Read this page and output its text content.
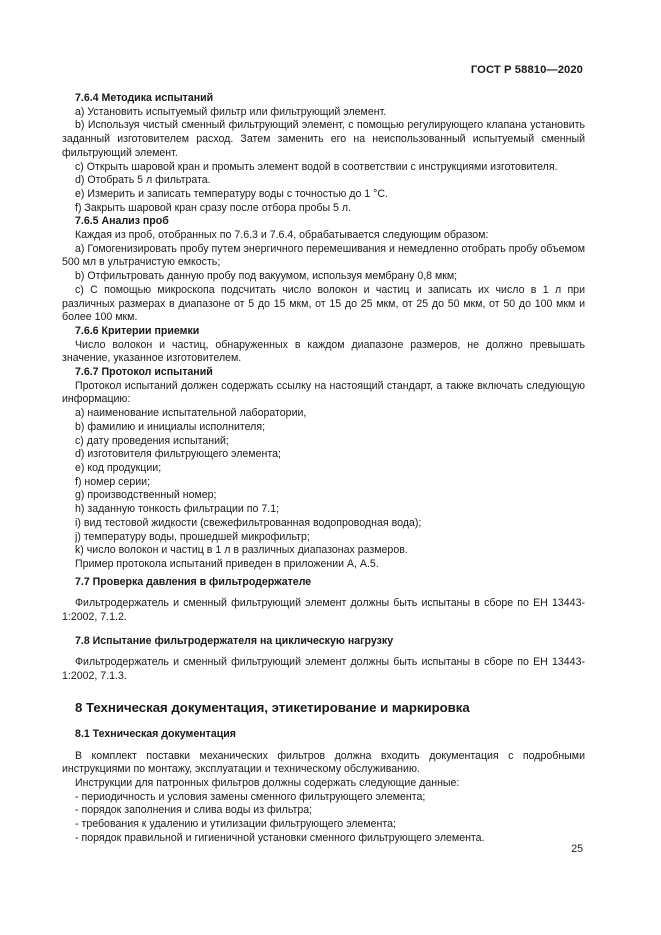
ГОСТ Р 58810—2020

7.6.4 Методика испытаний

a) Установить испытуемый фильтр или фильтрующий элемент.

b) Используя чистый сменный фильтрующий элемент, с помощью регулирующего клапана установить заданный изготовителем расход. Затем заменить его на неиспользованный испытуемый сменный фильтрующий элемент.

c) Открыть шаровой кран и промыть элемент водой в соответствии с инструкциями изготовителя.

d) Отобрать 5 л фильтрата.

e) Измерить и записать температуру воды с точностью до 1 °C.

f) Закрыть шаровой кран сразу после отбора пробы 5 л.

7.6.5 Анализ проб

Каждая из проб, отобранных по 7.6.3 и 7.6.4, обрабатывается следующим образом:

a) Гомогенизировать пробу путем энергичного перемешивания и немедленно отобрать пробу объемом 500 мл в ультрачистую емкость;

b) Отфильтровать данную пробу под вакуумом, используя мембрану 0,8 мкм;

c) С помощью микроскопа подсчитать число волокон и частиц и записать их число в 1 л при различных размерах в диапазоне от 5 до 15 мкм, от 15 до 25 мкм, от 25 до 50 мкм, от 50 до 100 мкм и более 100 мкм.

7.6.6 Критерии приемки

Число волокон и частиц, обнаруженных в каждом диапазоне размеров, не должно превышать значение, указанное изготовителем.

7.6.7 Протокол испытаний

Протокол испытаний должен содержать ссылку на настоящий стандарт, а также включать следующую информацию:

a) наименование испытательной лаборатории,

b) фамилию и инициалы исполнителя;

c) дату проведения испытаний;

d) изготовителя фильтрующего элемента;

e) код продукции;

f) номер серии;

g) производственный номер;

h) заданную тонкость фильтрации по 7.1;

i) вид тестовой жидкости (свежефильтрованная водопроводная вода);

j) температуру воды, прошедшей микрофильтр;

k) число волокон и частиц в 1 л в различных диапазонах размеров.

Пример протокола испытаний приведен в приложении А, А.5.

7.7 Проверка давления в фильтродержателе

Фильтродержатель и сменный фильтрующий элемент должны быть испытаны в сборе по ЕН 13443-1:2002, 7.1.2.

7.8 Испытание фильтродержателя на циклическую нагрузку

Фильтродержатель и сменный фильтрующий элемент должны быть испытаны в сборе по ЕН 13443-1:2002, 7.1.3.

8 Техническая документация, этикетирование и маркировка

8.1 Техническая документация

В комплект поставки механических фильтров должна входить документация с подробными инструкциями по монтажу, эксплуатации и техническому обслуживанию.

Инструкции для патронных фильтров должны содержать следующие данные:

- периодичность и условия замены сменного фильтрующего элемента;

- порядок заполнения и слива воды из фильтра;

- требования к удалению и утилизации фильтрующего элемента;

- порядок правильной и гигиеничной установки сменного фильтрующего элемента.

25
